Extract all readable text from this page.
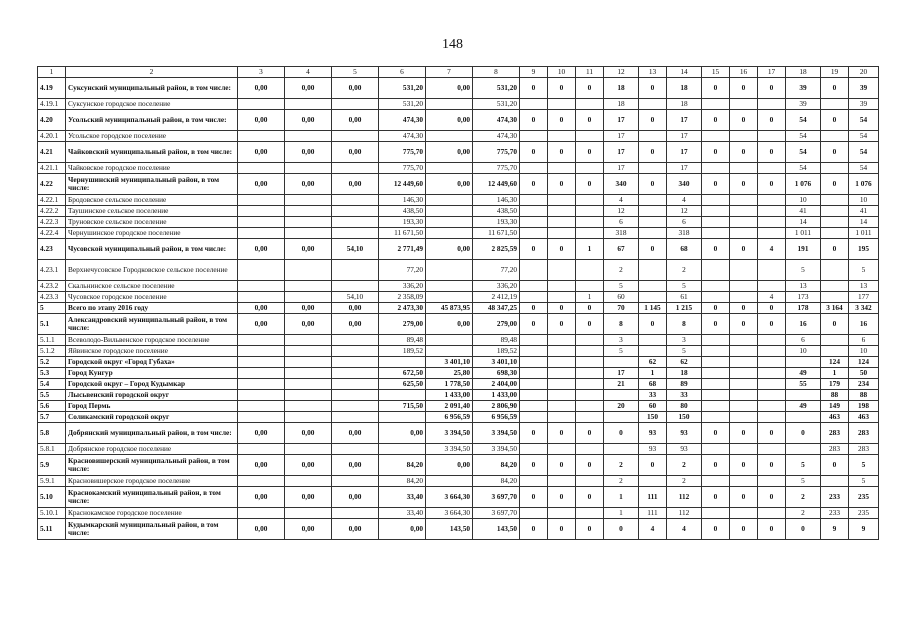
148
1	2	3	4	5	6	7	8	9	10	11	12	13	14	15	16	17	18	19	20
4.19	Суксунский муниципальный район, в том числе:	0,00	0,00	0,00	531,20	0,00	531,20	0	0	0	18	0	18	0	0	0	39	0	39
4.19.1	Суксунское городское поселение				531,20		531,20				18		18				39		39
4.20	Усольский муниципальный район, в том числе:	0,00	0,00	0,00	474,30	0,00	474,30	0	0	0	17	0	17	0	0	0	54	0	54
4.20.1	Усольское городское поселение				474,30		474,30				17		17				54		54
4.21	Чайковский муниципальный район, в том числе:	0,00	0,00	0,00	775,70	0,00	775,70	0	0	0	17	0	17	0	0	0	54	0	54
4.21.1	Чайковское городское поселение				775,70		775,70				17		17				54		54
4.22	Чернушинский муниципальный район, в том числе:	0,00	0,00	0,00	12 449,60	0,00	12 449,60	0	0	0	340	0	340	0	0	0	1 076	0	1 076
4.22.1	Бродовское сельское поселение				146,30		146,30				4		4				10		10
4.22.2	Таушинское сельское поселение				438,50		438,50				12		12				41		41
4.22.3	Труновское сельское поселение				193,30		193,30				6		6				14		14
4.22.4	Чернушинское городское поселение				11 671,50		11 671,50				318		318				1 011		1 011
4.23	Чусовской муниципальный район, в том числе:	0,00	0,00	54,10	2 771,49	0,00	2 825,59	0	0	1	67	0	68	0	0	4	191	0	195
4.23.1	Верхнечусовское Городковское сельское поселение				77,20		77,20				2		2				5		5
4.23.2	Скальнинское сельское поселение				336,20		336,20				5		5				13		13
4.23.3	Чусовское городское поселение			54,10	2 358,09		2 412,19			1	60		61			4	173		177
5	Всего по этапу 2016 году	0,00	0,00	0,00	2 473,30	45 873,95	48 347,25	0	0	0	70	1 145	1 215	0	0	0	178	3 164	3 342
5.1	Александровский муниципальный район, в том числе:	0,00	0,00	0,00	279,00	0,00	279,00	0	0	0	8	0	8	0	0	0	16	0	16
5.1.1	Всеволодо-Вильвенское городское поселение				89,48		89,48				3		3				6		6
5.1.2	Яйвинское городское поселение				189,52		189,52				5		5				10		10
5.2	Городской округ «Город Губаха»					3 401,10	3 401,10					62	62					124	124
5.3	Город Кунгур				672,50	25,80	698,30				17	1	18				49	1	50
5.4	Городской округ – Город Кудымкар				625,50	1 778,50	2 404,00				21	68	89				55	179	234
5.5	Лысьвенский городской округ					1 433,00	1 433,00					33	33					88	88
5.6	Город Пермь				715,50	2 091,40	2 806,90				20	60	80				49	149	198
5.7	Соликамский городской округ					6 956,59	6 956,59					150	150					463	463
5.8	Добрянский муниципальный район, в том числе:	0,00	0,00	0,00	0,00	3 394,50	3 394,50	0	0	0	0	93	93	0	0	0	0	283	283
5.8.1	Добрянское городское поселение					3 394,50	3 394,50					93	93					283	283
5.9	Красновишерский муниципальный район, в том числе:	0,00	0,00	0,00	84,20	0,00	84,20	0	0	0	2	0	2	0	0	0	5	0	5
5.9.1	Красновишерское городское поселение				84,20		84,20				2		2				5		5
5.10	Краснокамский муниципальный район, в том числе:	0,00	0,00	0,00	33,40	3 664,30	3 697,70	0	0	0	1	111	112	0	0	0	2	233	235
5.10.1	Краснокамское городское поселение				33,40	3 664,30	3 697,70				1	111	112				2	233	235
5.11	Кудымкарский муниципальный район, в том числе:	0,00	0,00	0,00	0,00	143,50	143,50	0	0	0	0	4	4	0	0	0	0	9	9
